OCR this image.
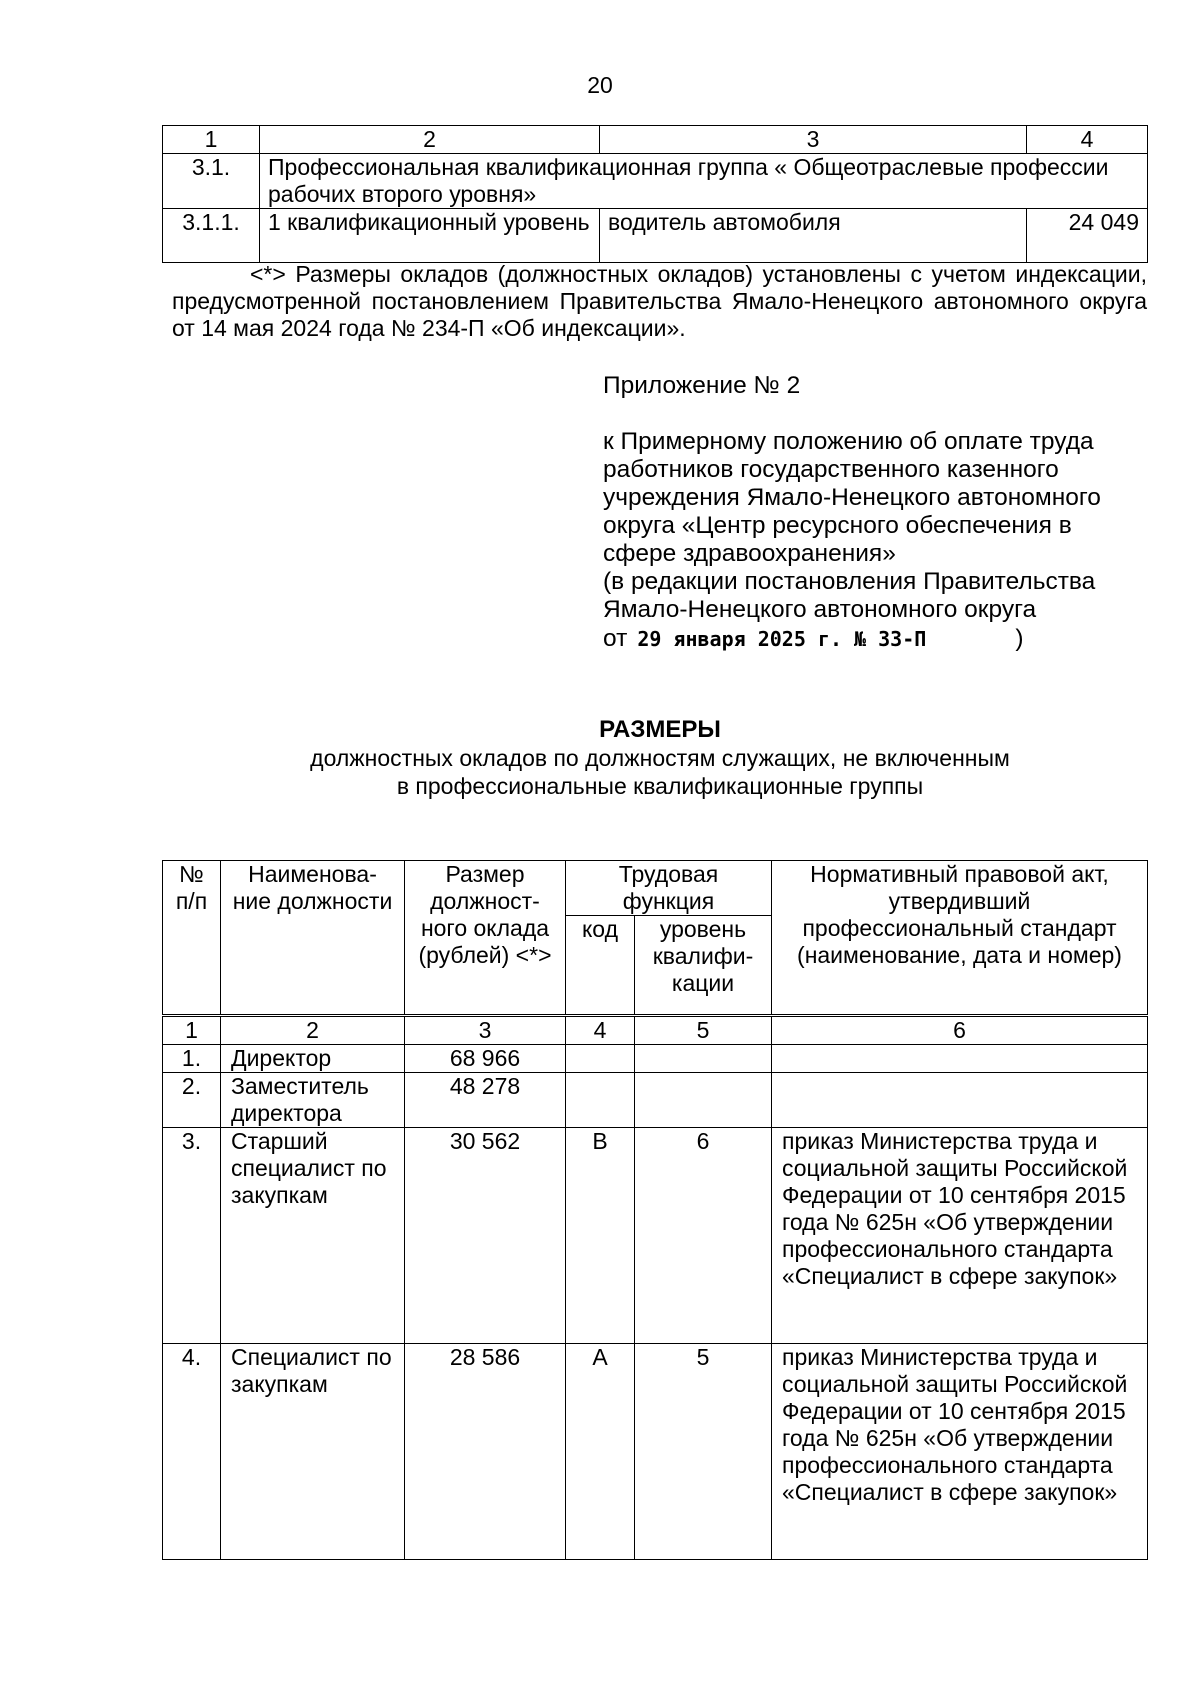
20
1	2	3	4
3.1.	Профессиональная квалификационная группа « Общеотраслевые профессии рабочих второго уровня»		
3.1.1.	1 квалификационный уровень	водитель автомобиля	24 049
<*> Размеры окладов (должностных окладов) установлены с учетом индексации, предусмотренной постановлением Правительства Ямало-Ненецкого автономного округа от 14 мая 2024 года № 234-П «Об индексации».
Приложение № 2
к Примерному положению об оплате труда
работников государственного казенного
учреждения Ямало-Ненецкого автономного
округа «Центр ресурсного обеспечения в
сфере здравоохранения»
(в редакции постановления Правительства
Ямало-Ненецкого автономного округа
от 29 января 2025 г. № 33-П	)
РАЗМЕРЫ
должностных окладов по должностям служащих, не включенным
в профессиональные квалификационные группы
№ п/п	Наименова- ние должности	Размер должност- ного оклада (рублей) <*>	Трудовая функция		Нормативный правовой акт, утвердивший профессиональный стандарт (наименование, дата и номер)
			код	уровень квалифи- кации	
1	2	3	4	5	6
1.	Директор	68 966			
2.	Заместитель директора	48 278			
3.	Старший специалист по закупкам	30 562	B	6	приказ Министерства труда и социальной защиты Российской Федерации от 10 сентября 2015 года № 625н «Об утверждении профессионального стандарта «Специалист в сфере закупок»
4.	Специалист по закупкам	28 586	A	5	приказ Министерства труда и социальной защиты Российской Федерации от 10 сентября 2015 года № 625н «Об утверждении профессионального стандарта «Специалист в сфере закупок»
